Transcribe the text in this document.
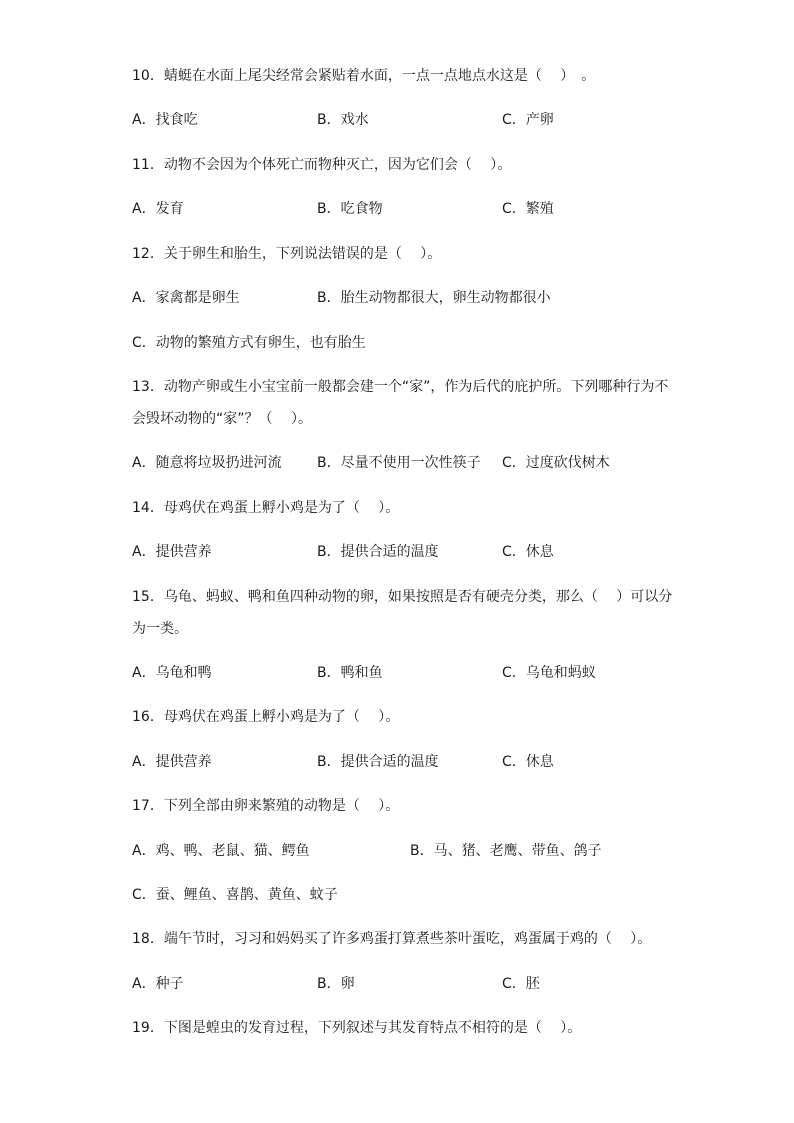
10．蜻蜓在水面上尾尖经常会紧贴着水面，一点一点地点水这是（　 ）　。
A．找食吃	B．戏水	C．产卵
11．动物不会因为个体死亡而物种灭亡，因为它们会（　 ）。
A．发育	B．吃食物	C．繁殖
12．关于卵生和胎生，下列说法错误的是（　 ）。
A．家禽都是卵生	B．胎生动物都很大，卵生动物都很小
C．动物的繁殖方式有卵生，也有胎生
13．动物产卵或生小宝宝前一般都会建一个“家”，作为后代的庇护所。下列哪种行为不
会毁坏动物的“家”？（　 ）。
A．随意将垃圾扔进河流	B．尽量不使用一次性筷子 C．过度砍伐树木
14．母鸡伏在鸡蛋上孵小鸡是为了（　 ）。
A．提供营养	B．提供合适的温度	C．休息
15．乌龟、蚂蚁、鸭和鱼四种动物的卵，如果按照是否有硬壳分类，那么（　 ）可以分
为一类。
A．乌龟和鸭	B．鸭和鱼	C．乌龟和蚂蚁
16．母鸡伏在鸡蛋上孵小鸡是为了（　 ）。
A．提供营养	B．提供合适的温度	C．休息
17．下列全部由卵来繁殖的动物是（　 ）。
A．鸡、鸭、老鼠、猫、鳄鱼	B．马、猪、老鹰、带鱼、鸽子
C．蚕、鲤鱼、喜鹊、黄鱼、蚊子
18．端午节时，习习和妈妈买了许多鸡蛋打算煮些茶叶蛋吃，鸡蛋属于鸡的（　 ）。
A．种子	B．卵	C．胚
19．下图是蝗虫的发育过程，下列叙述与其发育特点不相符的是（　 ）。
